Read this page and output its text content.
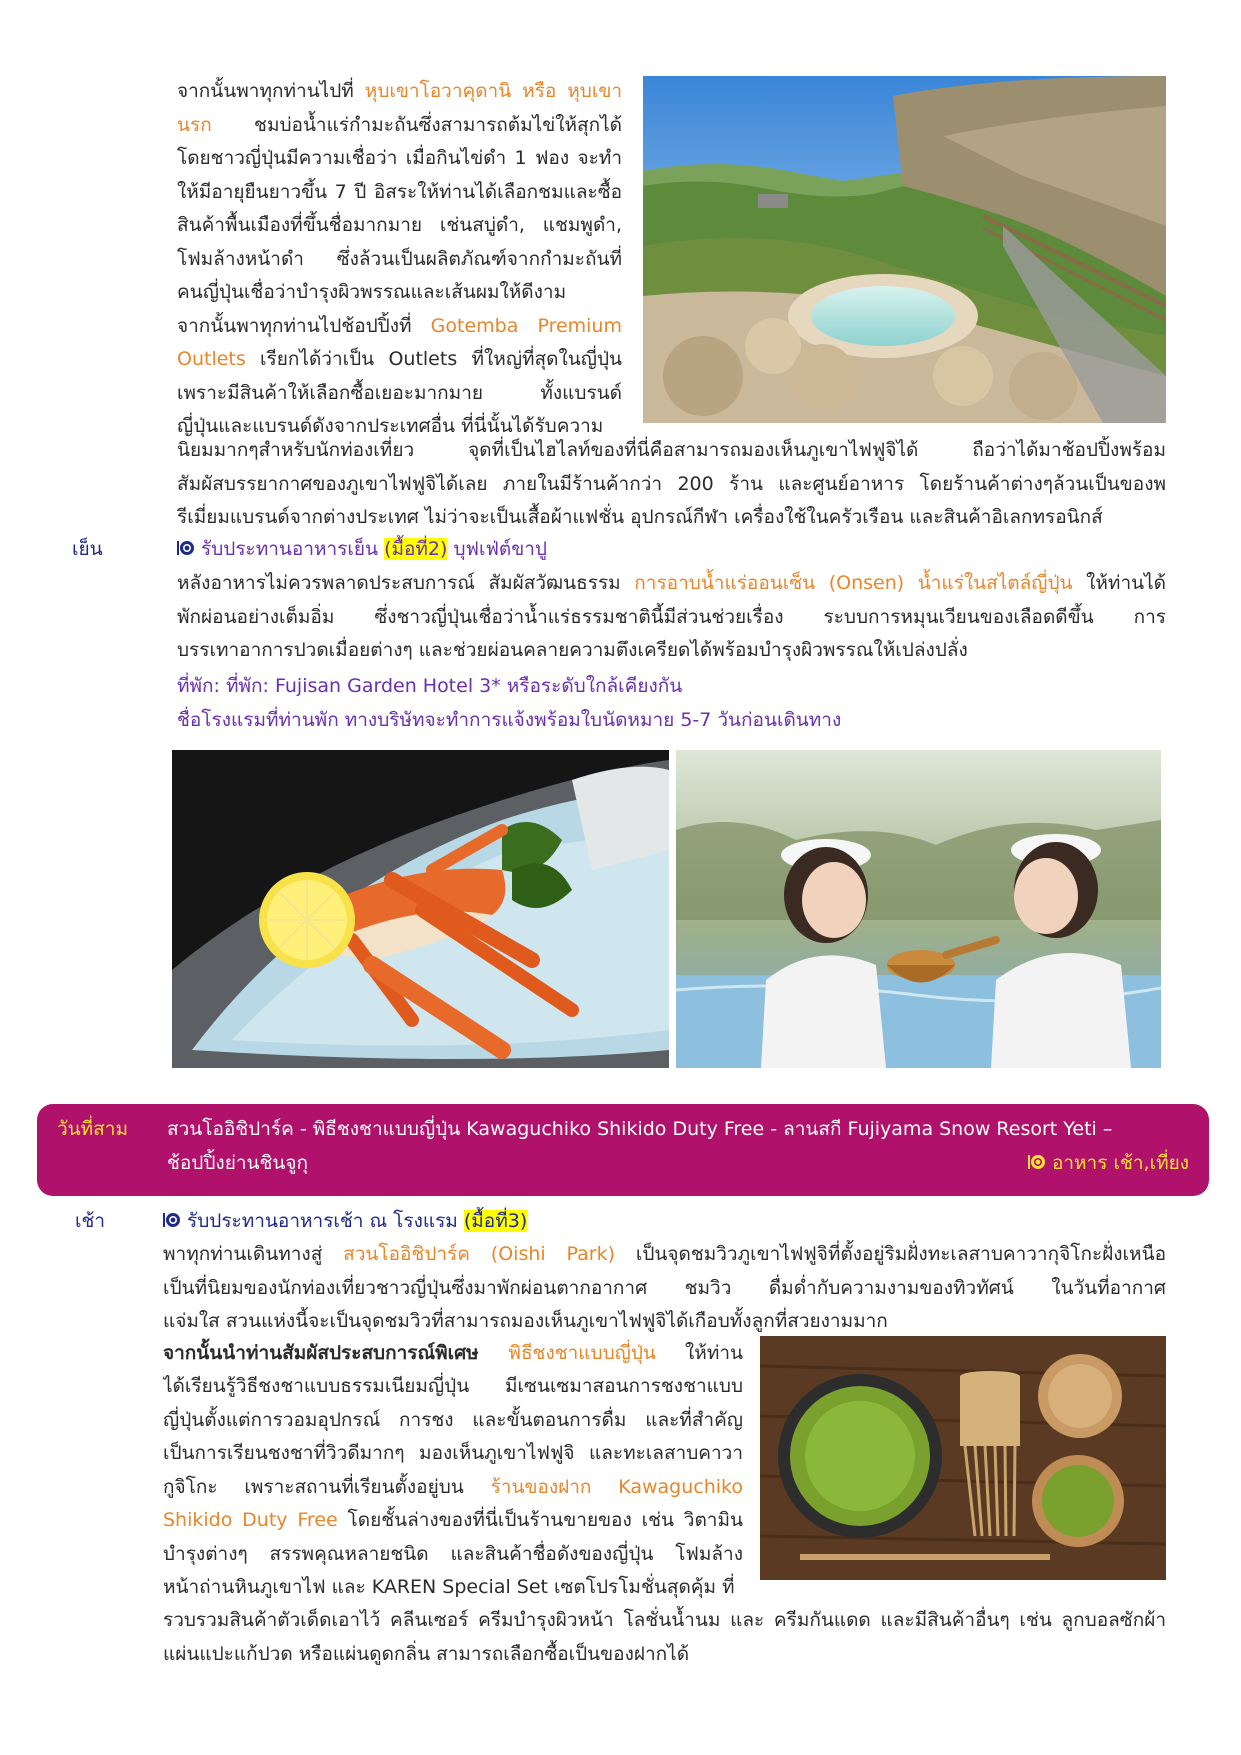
จากนั้นพาทุกท่านไปที่ หุบเขาโอวาคุดานิ หรือ หุบเขา
นรก ชมบ่อน้ำแร่กำมะถันซึ่งสามารถต้มไข่ให้สุกได้
โดยชาวญี่ปุ่นมีความเชื่อว่า เมื่อกินไข่ดำ 1 ฟอง จะทำ
ให้มีอายุยืนยาวขึ้น 7 ปี อิสระให้ท่านได้เลือกชมและซื้อ
สินค้าพื้นเมืองที่ขึ้นชื่อมากมาย เช่นสบู่ดำ, แชมพูดำ,
โฟมล้างหน้าดำ ซึ่งล้วนเป็นผลิตภัณฑ์จากกำมะถันที่
คนญี่ปุ่นเชื่อว่าบำรุงผิวพรรณและเส้นผมให้ดีงาม
จากนั้นพาทุกท่านไปช้อปปิ้งที่ Gotemba Premium
Outlets เรียกได้ว่าเป็น Outlets ที่ใหญ่ที่สุดในญี่ปุ่น
เพราะมีสินค้าให้เลือกซื้อเยอะมากมาย ทั้งแบรนด์
ญี่ปุ่นและแบรนด์ดังจากประเทศอื่น ที่นี่นั้นได้รับความ
นิยมมากๆสำหรับนักท่องเที่ยว จุดที่เป็นไฮไลท์ของที่นี่คือสามารถมองเห็นภูเขาไฟฟูจิได้ ถือว่าได้มาช้อปปิ้งพร้อม
สัมผัสบรรยากาศของภูเขาไฟฟูจิได้เลย ภายในมีร้านค้ากว่า 200 ร้าน และศูนย์อาหาร โดยร้านค้าต่างๆล้วนเป็นของพ
รีเมี่ยมแบรนด์จากต่างประเทศ ไม่ว่าจะเป็นเสื้อผ้าแฟชั่น อุปกรณ์กีฬา เครื่องใช้ในครัวเรือน และสินค้าอิเลกทรอนิกส์
เย็น	รับประทานอาหารเย็น (มื้อที่2) บุฟเฟ่ต์ขาปู
หลังอาหารไม่ควรพลาดประสบการณ์ สัมผัสวัฒนธรรม การอาบน้ำแร่ออนเซ็น (Onsen) น้ำแร่ในสไตล์ญี่ปุ่น ให้ท่านได้
พักผ่อนอย่างเต็มอิ่ม ซึ่งชาวญี่ปุ่นเชื่อว่าน้ำแร่ธรรมชาตินี้มีส่วนช่วยเรื่อง ระบบการหมุนเวียนของเลือดดีขึ้น การ
บรรเทาอาการปวดเมื่อยต่างๆ และช่วยผ่อนคลายความตึงเครียดได้พร้อมบำรุงผิวพรรณให้เปล่งปลั่ง
ที่พัก: ที่พัก: Fujisan Garden Hotel 3* หรือระดับใกล้เคียงกัน
ชื่อโรงแรมที่ท่านพัก ทางบริษัทจะทำการแจ้งพร้อมใบนัดหมาย 5-7 วันก่อนเดินทาง
วันที่สาม สวนโออิชิปาร์ค - พิธีชงชาแบบญี่ปุ่น Kawaguchiko Shikido Duty Free - ลานสกี Fujiyama Snow Resort Yeti –
ช้อปปิ้งย่านชินจูกุ	อาหาร เช้า,เที่ยง
เช้า	รับประทานอาหารเช้า ณ โรงแรม (มื้อที่3)
พาทุกท่านเดินทางสู่ สวนโออิชิปาร์ค (Oishi Park) เป็นจุดชมวิวภูเขาไฟฟูจิที่ตั้งอยู่ริมฝั่งทะเลสาบคาวากุจิโกะฝั่งเหนือ
เป็นที่นิยมของนักท่องเที่ยวชาวญี่ปุ่นซึ่งมาพักผ่อนตากอากาศ ชมวิว ดื่มด่ำกับความงามของทิวทัศน์ ในวันที่อากาศ
แจ่มใส สวนแห่งนี้จะเป็นจุดชมวิวที่สามารถมองเห็นภูเขาไฟฟูจิได้เกือบทั้งลูกที่สวยงามมาก
จากนั้นนำท่านสัมผัสประสบการณ์พิเศษ พิธีชงชาแบบญี่ปุ่น ให้ท่าน
ได้เรียนรู้วิธีชงชาแบบธรรมเนียมญี่ปุ่น มีเซนเซมาสอนการชงชาแบบ
ญี่ปุ่นตั้งแต่การวอมอุปกรณ์ การชง และขั้นตอนการดื่ม และที่สำคัญ
เป็นการเรียนชงชาที่วิวดีมากๆ มองเห็นภูเขาไฟฟูจิ และทะเลสาบคาวา
กูจิโกะ เพราะสถานที่เรียนตั้งอยู่บน ร้านของฝาก Kawaguchiko
Shikido Duty Free โดยชั้นล่างของที่นี่เป็นร้านขายของ เช่น วิตามิน
บำรุงต่างๆ สรรพคุณหลายชนิด และสินค้าชื่อดังของญี่ปุ่น โฟมล้าง
หน้าถ่านหินภูเขาไฟ และ KAREN Special Set เซตโปรโมชั่นสุดคุ้ม ที่
รวบรวมสินค้าตัวเด็ดเอาไว้ คลีนเซอร์ ครีมบำรุงผิวหน้า โลชั่นน้ำนม และ ครีมกันแดด และมีสินค้าอื่นๆ เช่น ลูกบอลซักผ้า
แผ่นแปะแก้ปวด หรือแผ่นดูดกลิ่น สามารถเลือกซื้อเป็นของฝากได้
